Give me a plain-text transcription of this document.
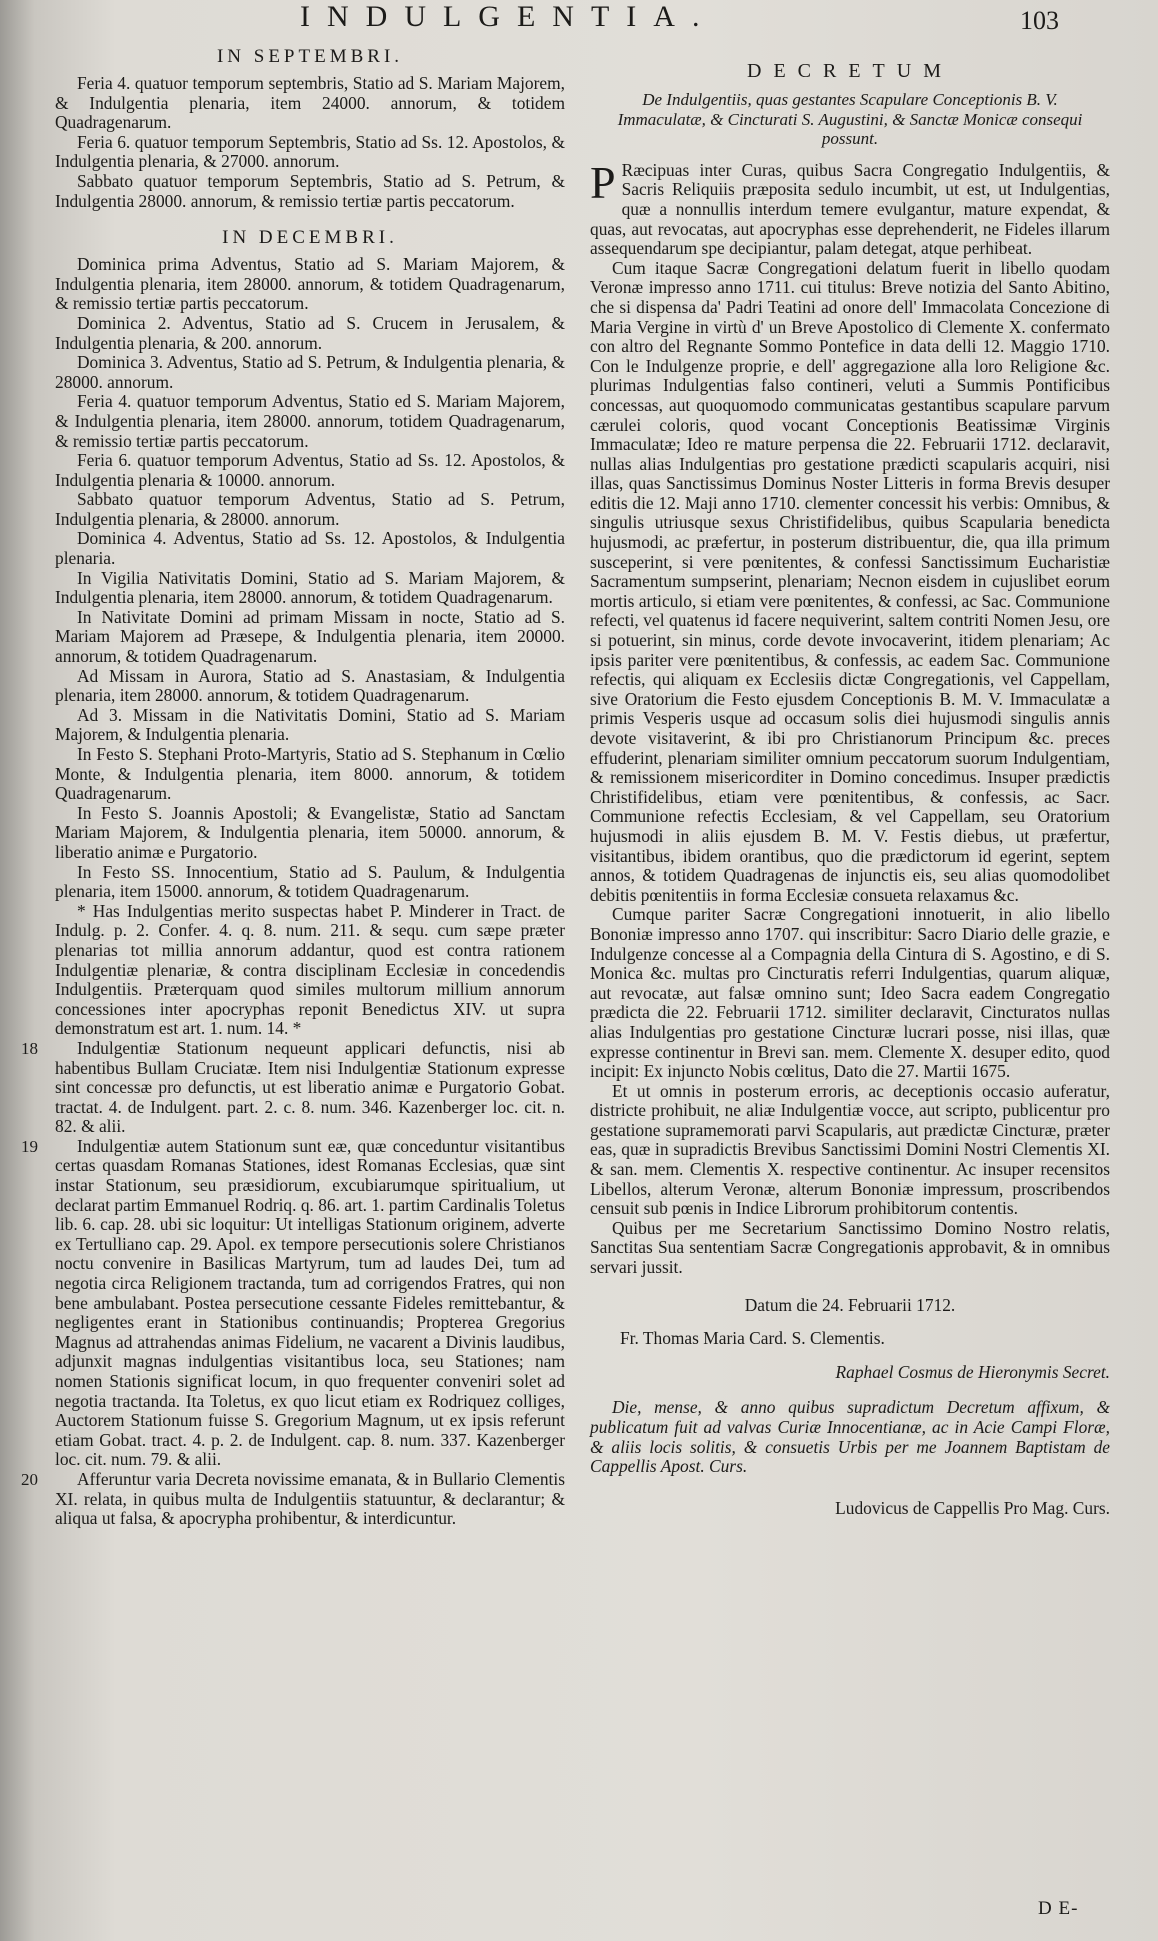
INDULGENTIA.	103
IN SEPTEMBRI.

Feria 4. quatuor temporum septembris, Statio ad S. Mariam Majorem, & Indulgentia plenaria, item 24000. annorum, & totidem Quadragenarum.

Feria 6. quatuor temporum Septembris, Statio ad Ss. 12. Apostolos, & Indulgentia plenaria, & 27000. annorum.

Sabbato quatuor temporum Septembris, Statio ad S. Petrum, & Indulgentia 28000. annorum, & remissio tertiæ partis peccatorum.

IN DECEMBRI.

Dominica prima Adventus, Statio ad S. Mariam Majorem, & Indulgentia plenaria, item 28000. annorum, & totidem Quadragenarum, & remissio tertiæ partis peccatorum.

Dominica 2. Adventus, Statio ad S. Crucem in Jerusalem, & Indulgentia plenaria, & 200. annorum.

Dominica 3. Adventus, Statio ad S. Petrum, & Indulgentia plenaria, & 28000. annorum.

Feria 4. quatuor temporum Adventus, Statio ed S. Mariam Majorem, & Indulgentia plenaria, item 28000. annorum, totidem Quadragenarum, & remissio tertiæ partis peccatorum.

Feria 6. quatuor temporum Adventus, Statio ad Ss. 12. Apostolos, & Indulgentia plenaria & 10000. annorum.

Sabbato quatuor temporum Adventus, Statio ad S. Petrum, Indulgentia plenaria, & 28000. annorum.

Dominica 4. Adventus, Statio ad Ss. 12. Apostolos, & Indulgentia plenaria.

In Vigilia Nativitatis Domini, Statio ad S. Mariam Majorem, & Indulgentia plenaria, item 28000. annorum, & totidem Quadragenarum.

In Nativitate Domini ad primam Missam in nocte, Statio ad S. Mariam Majorem ad Præsepe, & Indulgentia plenaria, item 20000. annorum, & totidem Quadragenarum.

Ad Missam in Aurora, Statio ad S. Anastasiam, & Indulgentia plenaria, item 28000. annorum, & totidem Quadragenarum.

Ad 3. Missam in die Nativitatis Domini, Statio ad S. Mariam Majorem, & Indulgentia plenaria.

In Festo S. Stephani Proto-Martyris, Statio ad S. Stephanum in Cœlio Monte, & Indulgentia plenaria, item 8000. annorum, & totidem Quadragenarum.

In Festo S. Joannis Apostoli; & Evangelistæ, Statio ad Sanctam Mariam Majorem, & Indulgentia plenaria, item 50000. annorum, & liberatio animæ e Purgatorio.

In Festo SS. Innocentium, Statio ad S. Paulum, & Indulgentia plenaria, item 15000. annorum, & totidem Quadragenarum.

* Has Indulgentias merito suspectas habet P. Minderer in Tract. de Indulg. p. 2. Confer. 4. q. 8. num. 211. & sequ. cum sæpe præter plenarias tot millia annorum addantur, quod est contra rationem Indulgentiæ plenariæ, & contra disciplinam Ecclesiæ in concedendis Indulgentiis. Præterquam quod similes multorum millium annorum concessiones inter apocryphas reponit Benedictus XIV. ut supra demonstratum est art. 1. num. 14. *

18 Indulgentiæ Stationum nequeunt applicari defunctis, nisi ab habentibus Bullam Cruciatæ. Item nisi Indulgentiæ Stationum expresse sint concessæ pro defunctis, ut est liberatio animæ e Purgatorio Gobat. tractat. 4. de Indulgent. part. 2. c. 8. num. 346. Kazenberger loc. cit. n. 82. & alii.

19 Indulgentiæ autem Stationum sunt eæ, quæ conceduntur visitantibus certas quasdam Romanas Stationes, idest Romanas Ecclesias, quæ sint instar Stationum, seu præsidiorum, excubiarumque spiritualium, ut declarat partim Emmanuel Rodriq. q. 86. art. 1. partim Cardinalis Toletus lib. 6. cap. 28. ubi sic loquitur: Ut intelligas Stationum originem, adverte ex Tertulliano cap. 29. Apol. ex tempore persecutionis solere Christianos noctu convenire in Basilicas Martyrum, tum ad laudes Dei, tum ad negotia circa Religionem tractanda, tum ad corrigendos Fratres, qui non bene ambulabant. Postea persecutione cessante Fideles remittebantur, & negligentes erant in Stationibus continuandis; Propterea Gregorius Magnus ad attrahendas animas Fidelium, ne vacarent a Divinis laudibus, adjunxit magnas indulgentias visitantibus loca, seu Stationes; nam nomen Stationis significat locum, in quo frequenter conveniri solet ad negotia tractanda. Ita Toletus, ex quo licut etiam ex Rodriquez colliges, Auctorem Stationum fuisse S. Gregorium Magnum, ut ex ipsis referunt etiam Gobat. tract. 4. p. 2. de Indulgent. cap. 8. num. 337. Kazenberger loc. cit. num. 79. & alii.

20 Afferuntur varia Decreta novissime emanata, & in Bullario Clementis XI. relata, in quibus multa de Indulgentiis statuuntur, & declarantur; & aliqua ut falsa, & apocrypha prohibentur, & interdicuntur.

DECRETUM
De Indulgentiis, quas gestantes Scapulare Conceptionis B. V. Immaculatæ, & Cincturati S. Augustini, & Sanctæ Monicæ consequi possunt.

P Ræcipuas inter Curas, quibus Sacra Congregatio Indulgentiis, & Sacris Reliquiis præposita sedulo incumbit, ut est, ut Indulgentias, quæ a nonnullis interdum temere evulgantur, mature expendat, & quas, aut revocatas, aut apocryphas esse deprehenderit, ne Fideles illarum assequendarum spe decipiantur, palam detegat, atque perhibeat.

Cum itaque Sacræ Congregationi delatum fuerit in libello quodam Veronæ impresso anno 1711. cui titulus: Breve notizia del Santo Abitino, che si dispensa da' Padri Teatini ad onore dell' Immacolata Concezione di Maria Vergine in virtù d' un Breve Apostolico di Clemente X. confermato con altro del Regnante Sommo Pontefice in data delli 12. Maggio 1710. Con le Indulgenze proprie, e dell' aggregazione alla loro Religione &c. plurimas Indulgentias falso contineri, veluti a Summis Pontificibus concessas, aut quoquomodo communicatas gestantibus scapulare parvum cærulei coloris, quod vocant Conceptionis Beatissimæ Virginis Immaculatæ; Ideo re mature perpensa die 22. Februarii 1712. declaravit, nullas alias Indulgentias pro gestatione prædicti scapularis acquiri, nisi illas, quas Sanctissimus Dominus Noster Litteris in forma Brevis desuper editis die 12. Maji anno 1710. clementer concessit his verbis: Omnibus, & singulis utriusque sexus Christifidelibus, quibus Scapularia benedicta hujusmodi, ac præfertur, in posterum distribuentur, die, qua illa primum susceperint, si vere pœnitentes, & confessi Sanctissimum Eucharistiæ Sacramentum sumpserint, plenariam; Necnon eisdem in cujuslibet eorum mortis articulo, si etiam vere pœnitentes, & confessi, ac Sac. Communione refecti, vel quatenus id facere nequiverint, saltem contriti Nomen Jesu, ore si potuerint, sin minus, corde devote invocaverint, itidem plenariam; Ac ipsis pariter vere pœnitentibus, & confessis, ac eadem Sac. Communione refectis, qui aliquam ex Ecclesiis dictæ Congregationis, vel Cappellam, sive Oratorium die Festo ejusdem Conceptionis B. M. V. Immaculatæ a primis Vesperis usque ad occasum solis diei hujusmodi singulis annis devote visitaverint, & ibi pro Christianorum Principum &c. preces effuderint, plenariam similiter omnium peccatorum suorum Indulgentiam, & remissionem misericorditer in Domino concedimus. Insuper prædictis Christifidelibus, etiam vere pœnitentibus, & confessis, ac Sacr. Communione refectis Ecclesiam, & vel Cappellam, seu Oratorium hujusmodi in aliis ejusdem B. M. V. Festis diebus, ut præfertur, visitantibus, ibidem orantibus, quo die prædictorum id egerint, septem annos, & totidem Quadragenas de injunctis eis, seu alias quomodolibet debitis pœnitentiis in forma Ecclesiæ consueta relaxamus &c.

Cumque pariter Sacræ Congregationi innotuerit, in alio libello Bononiæ impresso anno 1707. qui inscribitur: Sacro Diario delle grazie, e Indulgenze concesse al a Compagnia della Cintura di S. Agostino, e di S. Monica &c. multas pro Cincturatis referri Indulgentias, quarum aliquæ, aut revocatæ, aut falsæ omnino sunt; Ideo Sacra eadem Congregatio prædicta die 22. Februarii 1712. similiter declaravit, Cincturatos nullas alias Indulgentias pro gestatione Cincturæ lucrari posse, nisi illas, quæ expresse continentur in Brevi san. mem. Clemente X. desuper edito, quod incipit: Ex injuncto Nobis cœlitus, Dato die 27. Martii 1675.

Et ut omnis in posterum erroris, ac deceptionis occasio auferatur, districte prohibuit, ne aliæ Indulgentiæ vocce, aut scripto, publicentur pro gestatione supramemorati parvi Scapularis, aut prædictæ Cincturæ, præter eas, quæ in supradictis Brevibus Sanctissimi Domini Nostri Clementis XI. & san. mem. Clementis X. respective continentur. Ac insuper recensitos Libellos, alterum Veronæ, alterum Bononiæ impressum, proscribendos censuit sub pœnis in Indice Librorum prohibitorum contentis.

Quibus per me Secretarium Sanctissimo Domino Nostro relatis, Sanctitas Sua sententiam Sacræ Congregationis approbavit, & in omnibus servari jussit.

Datum die 24. Februarii 1712.

Fr. Thomas Maria Card. S. Clementis.

Raphael Cosmus de Hieronymis Secret.

Die, mense, & anno quibus supradictum Decretum affixum, & publicatum fuit ad valvas Curiæ Innocentianæ, ac in Acie Campi Floræ, & aliis locis solitis, & consuetis Urbis per me Joannem Baptistam de Cappellis Apost. Curs.

Ludovicus de Cappellis Pro Mag. Curs.

D E-
